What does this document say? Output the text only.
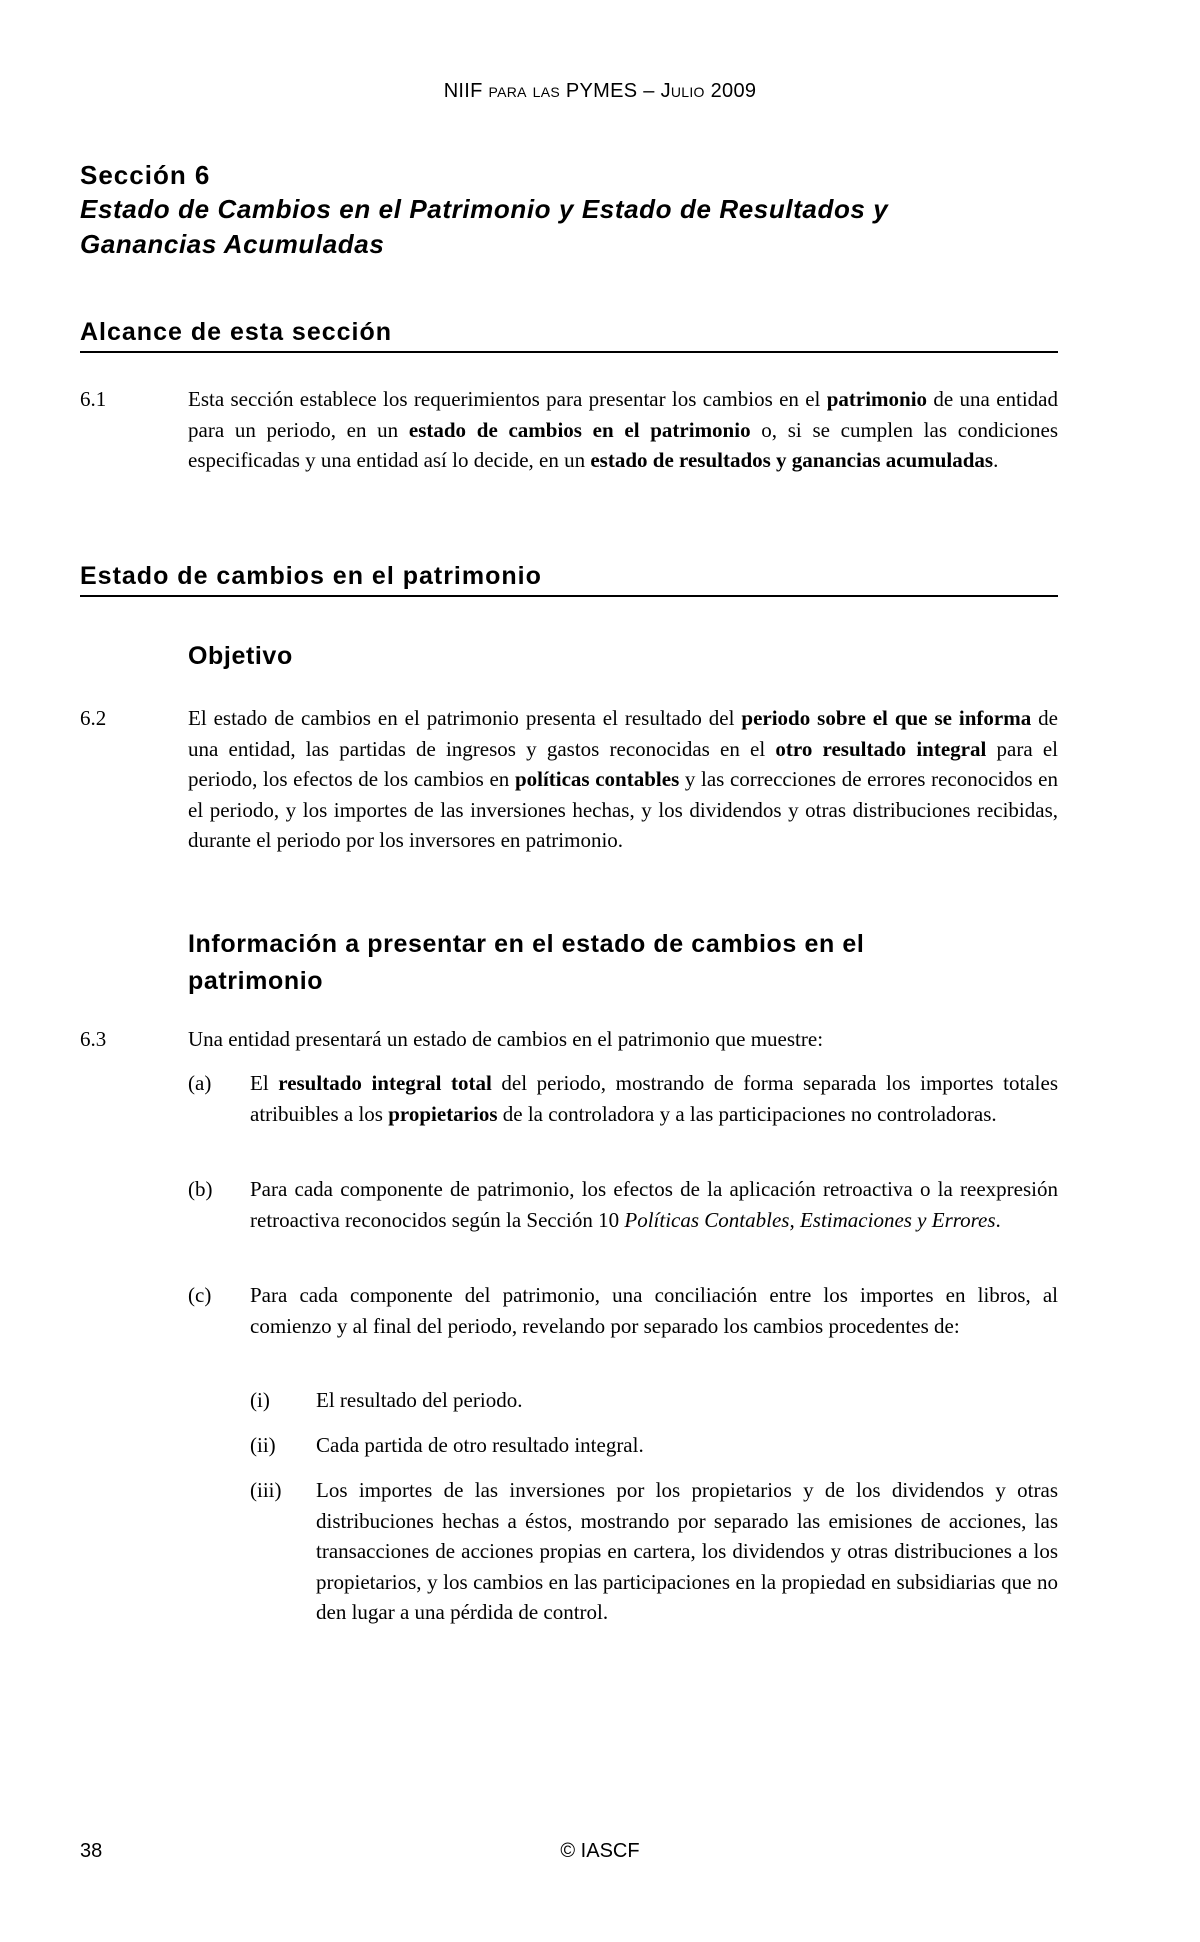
NIIF para las PYMES – Julio 2009
Sección 6
Estado de Cambios en el Patrimonio y Estado de Resultados y
Ganancias Acumuladas
Alcance de esta sección
6.1	Esta sección establece los requerimientos para presentar los cambios en el patrimonio de una entidad para un periodo, en un estado de cambios en el patrimonio o, si se cumplen las condiciones especificadas y una entidad así lo decide, en un estado de resultados y ganancias acumuladas.
Estado de cambios en el patrimonio
Objetivo
6.2	El estado de cambios en el patrimonio presenta el resultado del periodo sobre el que se informa de una entidad, las partidas de ingresos y gastos reconocidas en el otro resultado integral para el periodo, los efectos de los cambios en políticas contables y las correcciones de errores reconocidos en el periodo, y los importes de las inversiones hechas, y los dividendos y otras distribuciones recibidas, durante el periodo por los inversores en patrimonio.
Información a presentar en el estado de cambios en el
patrimonio
6.3	Una entidad presentará un estado de cambios en el patrimonio que muestre:
(a) El resultado integral total del periodo, mostrando de forma separada los importes totales atribuibles a los propietarios de la controladora y a las participaciones no controladoras.
(b) Para cada componente de patrimonio, los efectos de la aplicación retroactiva o la reexpresión retroactiva reconocidos según la Sección 10 Políticas Contables, Estimaciones y Errores.
(c) Para cada componente del patrimonio, una conciliación entre los importes en libros, al comienzo y al final del periodo, revelando por separado los cambios procedentes de:
(i) El resultado del periodo.
(ii) Cada partida de otro resultado integral.
(iii) Los importes de las inversiones por los propietarios y de los dividendos y otras distribuciones hechas a éstos, mostrando por separado las emisiones de acciones, las transacciones de acciones propias en cartera, los dividendos y otras distribuciones a los propietarios, y los cambios en las participaciones en la propiedad en subsidiarias que no den lugar a una pérdida de control.
© IASCF
38
